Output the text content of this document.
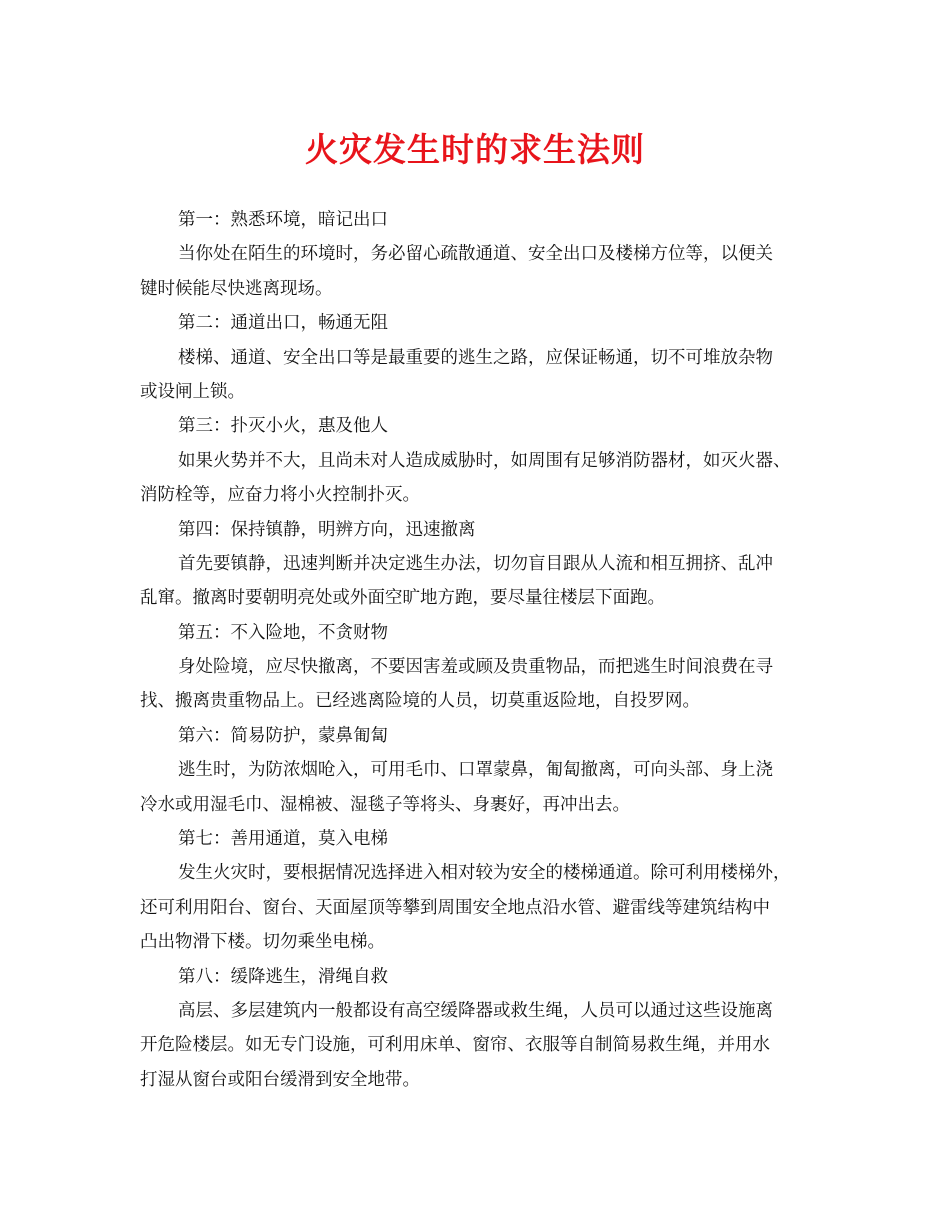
火灾发生时的求生法则
第一：熟悉环境，暗记出口
当你处在陌生的环境时，务必留心疏散通道、安全出口及楼梯方位等，以便关
键时候能尽快逃离现场。
第二：通道出口，畅通无阻
楼梯、通道、安全出口等是最重要的逃生之路，应保证畅通，切不可堆放杂物
或设闸上锁。
第三：扑灭小火，惠及他人
如果火势并不大，且尚未对人造成威胁时，如周围有足够消防器材，如灭火器、
消防栓等，应奋力将小火控制扑灭。
第四：保持镇静，明辨方向，迅速撤离
首先要镇静，迅速判断并决定逃生办法，切勿盲目跟从人流和相互拥挤、乱冲
乱窜。撤离时要朝明亮处或外面空旷地方跑，要尽量往楼层下面跑。
第五：不入险地，不贪财物
身处险境，应尽快撤离，不要因害羞或顾及贵重物品，而把逃生时间浪费在寻
找、搬离贵重物品上。已经逃离险境的人员，切莫重返险地，自投罗网。
第六：简易防护，蒙鼻匍匐
逃生时，为防浓烟呛入，可用毛巾、口罩蒙鼻，匍匐撤离，可向头部、身上浇
冷水或用湿毛巾、湿棉被、湿毯子等将头、身裹好，再冲出去。
第七：善用通道，莫入电梯
发生火灾时，要根据情况选择进入相对较为安全的楼梯通道。除可利用楼梯外，
还可利用阳台、窗台、天面屋顶等攀到周围安全地点沿水管、避雷线等建筑结构中
凸出物滑下楼。切勿乘坐电梯。
第八：缓降逃生，滑绳自救
高层、多层建筑内一般都设有高空缓降器或救生绳，人员可以通过这些设施离
开危险楼层。如无专门设施，可利用床单、窗帘、衣服等自制简易救生绳，并用水
打湿从窗台或阳台缓滑到安全地带。
